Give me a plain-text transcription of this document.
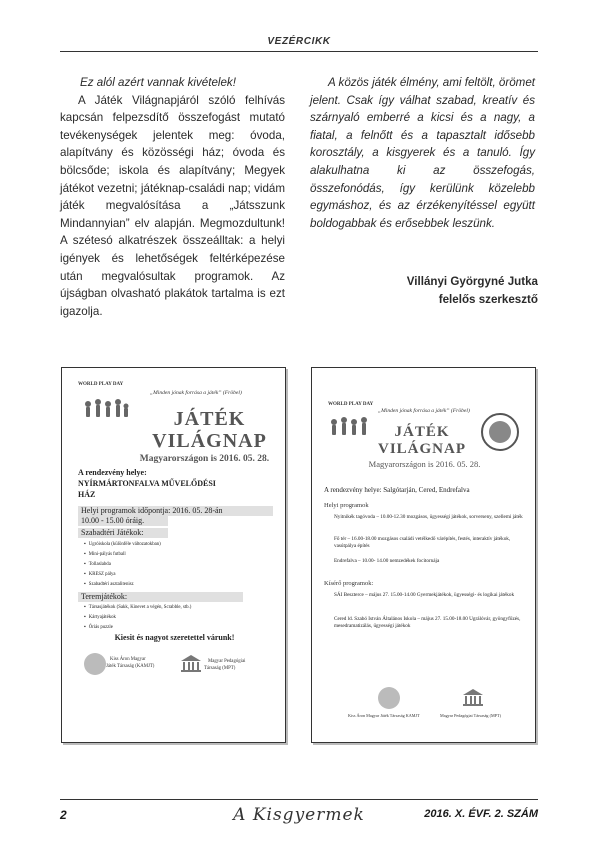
VEZÉRCIKK

Ez alól azért vannak kivételek!

A Játék Világnapjáról szóló felhívás kapcsán felpezsdítő összefogást mutató tevékenységek jelentek meg: óvoda, alapítvány és közösségi ház; óvoda és bölcsőde; iskola és alapítvány; Megyek játékot vezetni; játéknap-családi nap; vidám játék megvalósítása a „Játsszunk Mindannyian” elv alapján. Megmozdultunk! A szétesó alkatrészek összeálltak: a helyi igények és lehetőségek feltérképezése után megvalósultak programok. Az újságban olvasható plakátok tartalma is ezt igazolja.

A közös játék élmény, ami feltölt, örömet jelent. Csak így válhat szabad, kreatív és szárnyaló emberré a kicsi és a nagy, a fiatal, a felnőtt és a tapasztalt idősebb korosztály, a kisgyerek és a tanuló. Így alakulhatna ki az összefogás, összefonódás, így kerülünk közelebb egymáshoz, és az érzékenyítéssel együtt boldogabbak és erősebbek leszünk.

Villányi Györgyné Jutka
felelős szerkesztő
WORLD PLAY DAY
„Minden jónak forrása a játék” (Fröbel)
JÁTÉK
VILÁGNAP
Magyarországon is 2016. 05. 28.
A rendezvény helye:
NYÍRMÁRTONFALVA MŰVELŐDÉSI
HÁZ
Helyi programok időpontja: 2016. 05. 28-án
10.00 - 15.00 óráig.
Szabadtéri Játékok:
▪ Ugróiskola (különféle változatokban)
▪ Mini-pályás futball
▪ Tollaslabda
▪ KRESZ pálya
▪ Szabadtéri asztalitenisz
Teremjátékok:
▪ Társasjátékok (Sakk, Kinevet a végén, Scrabble, stb.)
▪ Kártyajátékok
▪ Óriás puzzle
Kiesit és nagyot szeretettel várunk!
Kiss Áron Magyar
Játék Társaság (KAMJT)
Magyar Pedagógiai
Társaság (MPT)
WORLD PLAY DAY
„Minden jónak forrása a játék” (Fröbel)
JÁTÉK
VILÁGNAP
Magyarországon is 2016. 05. 28.
A rendezvény helye: Salgótarján, Cered, Endrefalva
Helyi programok
Nyitnikék tagóvoda – 10.00-12.30 mozgásos, ügyességi játékok, sorverseny, szellemi játék
Fő tér – 16.00-18.00 mozgásos családi vetélkedő várépítés, festés, interaktív játékok, vasútpálya építés
Endrefalva – 10.00- 14.00 nemzedékek focitornája
Kísérő programok:
SÁI Beszterce – május 27. 15.00-14.00 Gyermekjátékok, ügyességi- és logikai játékok
Cered ld. Szabó István Általános Iskola – május 27. 15.00-18.00 Ugrálóvár, gyöngyfűzés, mesedramatizálás, ügyességi játékok
Kiss Áron Magyar Játék Társaság KAMJT	Magyar Pedagógiai Társaság (MPT)
2	A Kisgyermek	2016. X. ÉVF. 2. SZÁM
